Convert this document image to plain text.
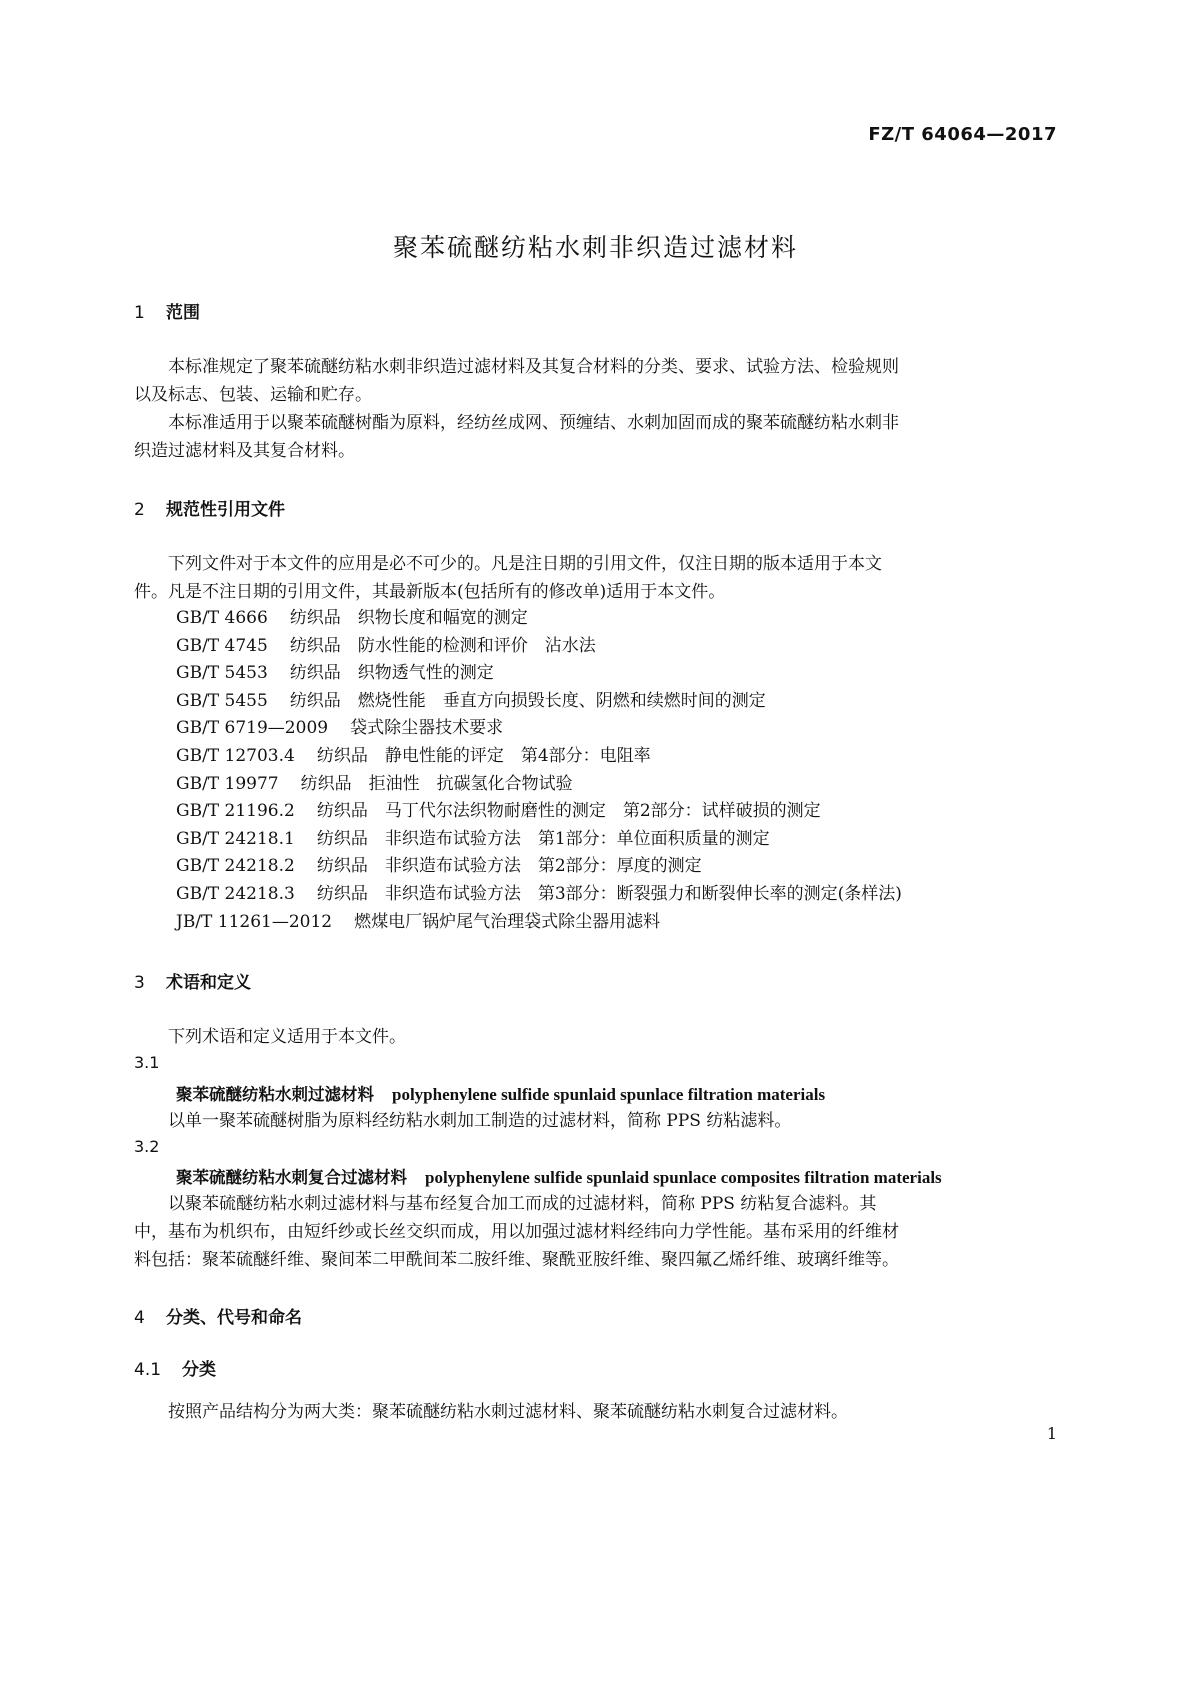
FZ/T 64064—2017
聚苯硫醚纺粘水刺非织造过滤材料
1 范围
本标准规定了聚苯硫醚纺粘水刺非织造过滤材料及其复合材料的分类、要求、试验方法、检验规则
以及标志、包装、运输和贮存。
本标准适用于以聚苯硫醚树酯为原料，经纺丝成网、预缠结、水刺加固而成的聚苯硫醚纺粘水刺非
织造过滤材料及其复合材料。
2 规范性引用文件
下列文件对于本文件的应用是必不可少的。凡是注日期的引用文件，仅注日期的版本适用于本文
件。凡是不注日期的引用文件，其最新版本(包括所有的修改单)适用于本文件。
GB/T 4666 纺织品　织物长度和幅宽的测定
GB/T 4745 纺织品　防水性能的检测和评价　沾水法
GB/T 5453 纺织品　织物透气性的测定
GB/T 5455 纺织品　燃烧性能　垂直方向损毁长度、阴燃和续燃时间的测定
GB/T 6719—2009 袋式除尘器技术要求
GB/T 12703.4 纺织品　静电性能的评定　第4部分：电阻率
GB/T 19977 纺织品　拒油性　抗碳氢化合物试验
GB/T 21196.2 纺织品　马丁代尔法织物耐磨性的测定　第2部分：试样破损的测定
GB/T 24218.1 纺织品　非织造布试验方法　第1部分：单位面积质量的测定
GB/T 24218.2 纺织品　非织造布试验方法　第2部分：厚度的测定
GB/T 24218.3 纺织品　非织造布试验方法　第3部分：断裂强力和断裂伸长率的测定(条样法)
JB/T 11261—2012 燃煤电厂锅炉尾气治理袋式除尘器用滤料
3 术语和定义
下列术语和定义适用于本文件。
3.1
聚苯硫醚纺粘水刺过滤材料 polyphenylene sulfide spunlaid spunlace filtration materials
以单一聚苯硫醚树脂为原料经纺粘水刺加工制造的过滤材料，简称 PPS 纺粘滤料。
3.2
聚苯硫醚纺粘水刺复合过滤材料 polyphenylene sulfide spunlaid spunlace composites filtration materials
以聚苯硫醚纺粘水刺过滤材料与基布经复合加工而成的过滤材料，简称 PPS 纺粘复合滤料。其
中，基布为机织布，由短纤纱或长丝交织而成，用以加强过滤材料经纬向力学性能。基布采用的纤维材
料包括：聚苯硫醚纤维、聚间苯二甲酰间苯二胺纤维、聚酰亚胺纤维、聚四氟乙烯纤维、玻璃纤维等。
4 分类、代号和命名
4.1 分类
按照产品结构分为两大类：聚苯硫醚纺粘水刺过滤材料、聚苯硫醚纺粘水刺复合过滤材料。
1
